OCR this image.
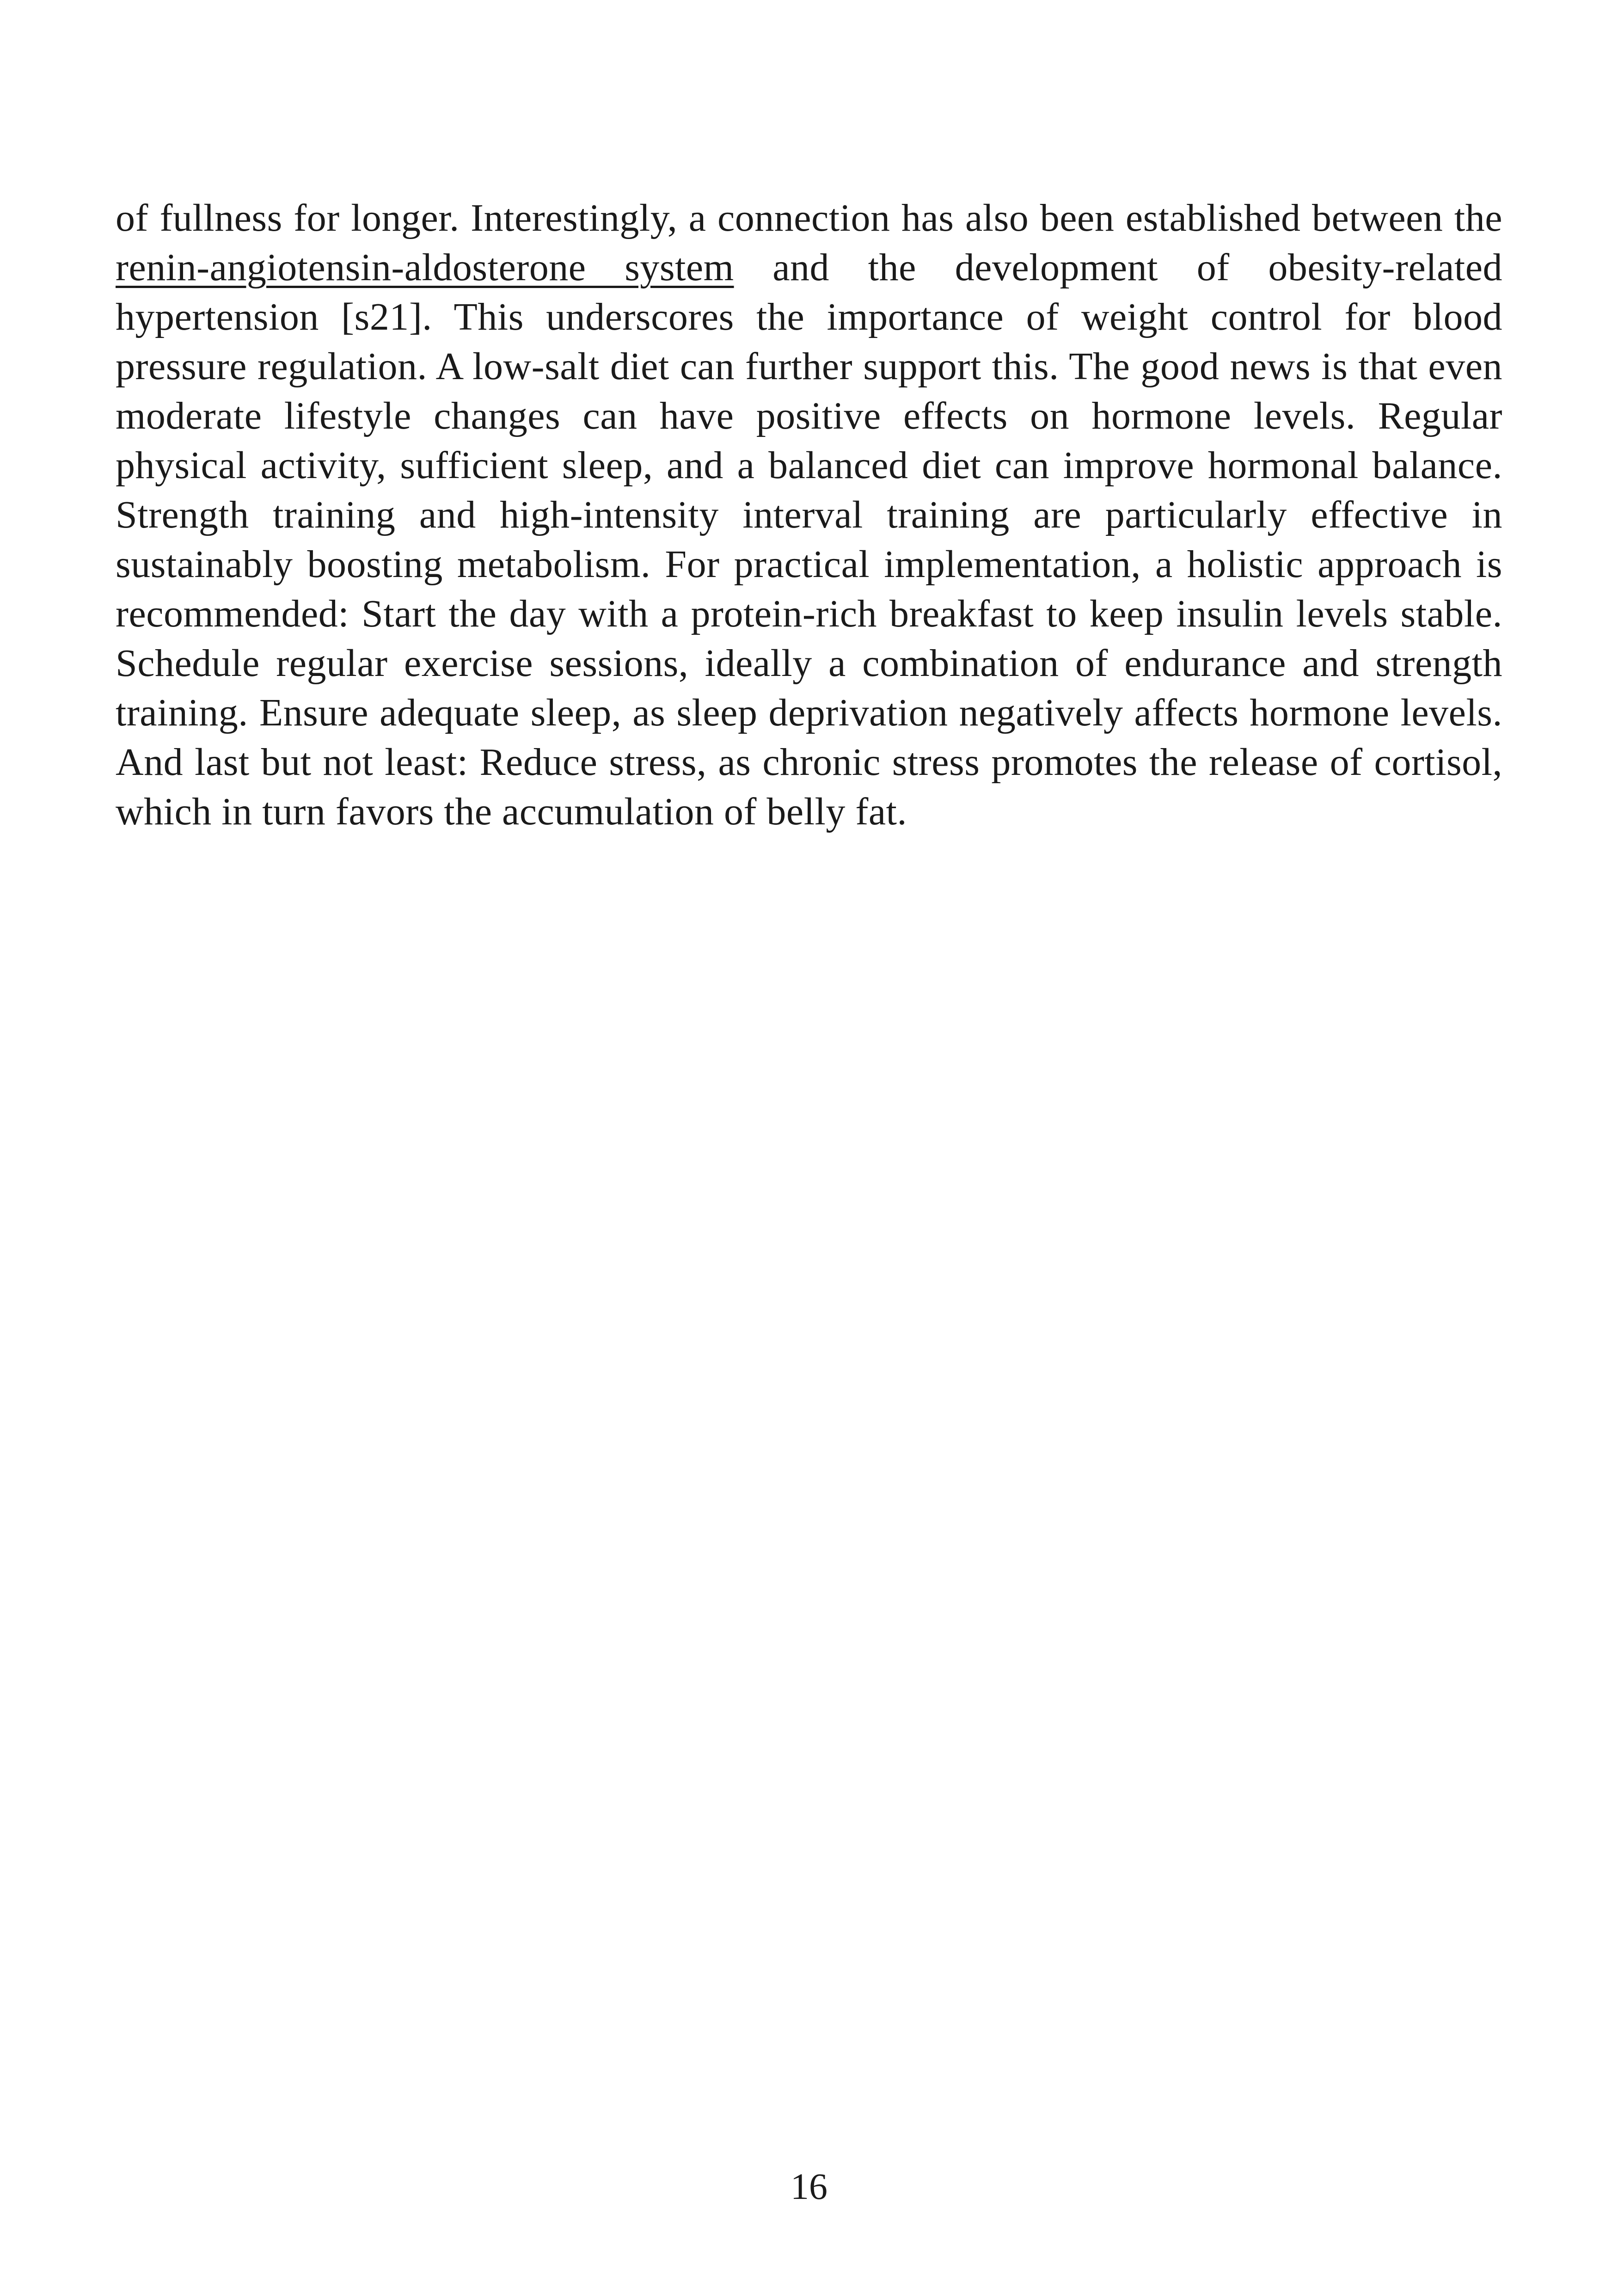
of fullness for longer. Interestingly, a connection has also been established between the renin-angiotensin-aldosterone system and the development of obesity-related hypertension [s21]. This underscores the importance of weight control for blood pressure regulation. A low-salt diet can further support this. The good news is that even moderate lifestyle changes can have positive effects on hormone levels. Regular physical activity, sufficient sleep, and a balanced diet can improve hormonal balance. Strength training and high-intensity interval training are particularly effective in sustainably boosting metabolism. For practical implementation, a holistic approach is recommended: Start the day with a protein-rich breakfast to keep insulin levels stable. Schedule regular exercise sessions, ideally a combination of endurance and strength training. Ensure adequate sleep, as sleep deprivation negatively affects hormone levels. And last but not least: Reduce stress, as chronic stress promotes the release of cortisol, which in turn favors the accumulation of belly fat.

16
